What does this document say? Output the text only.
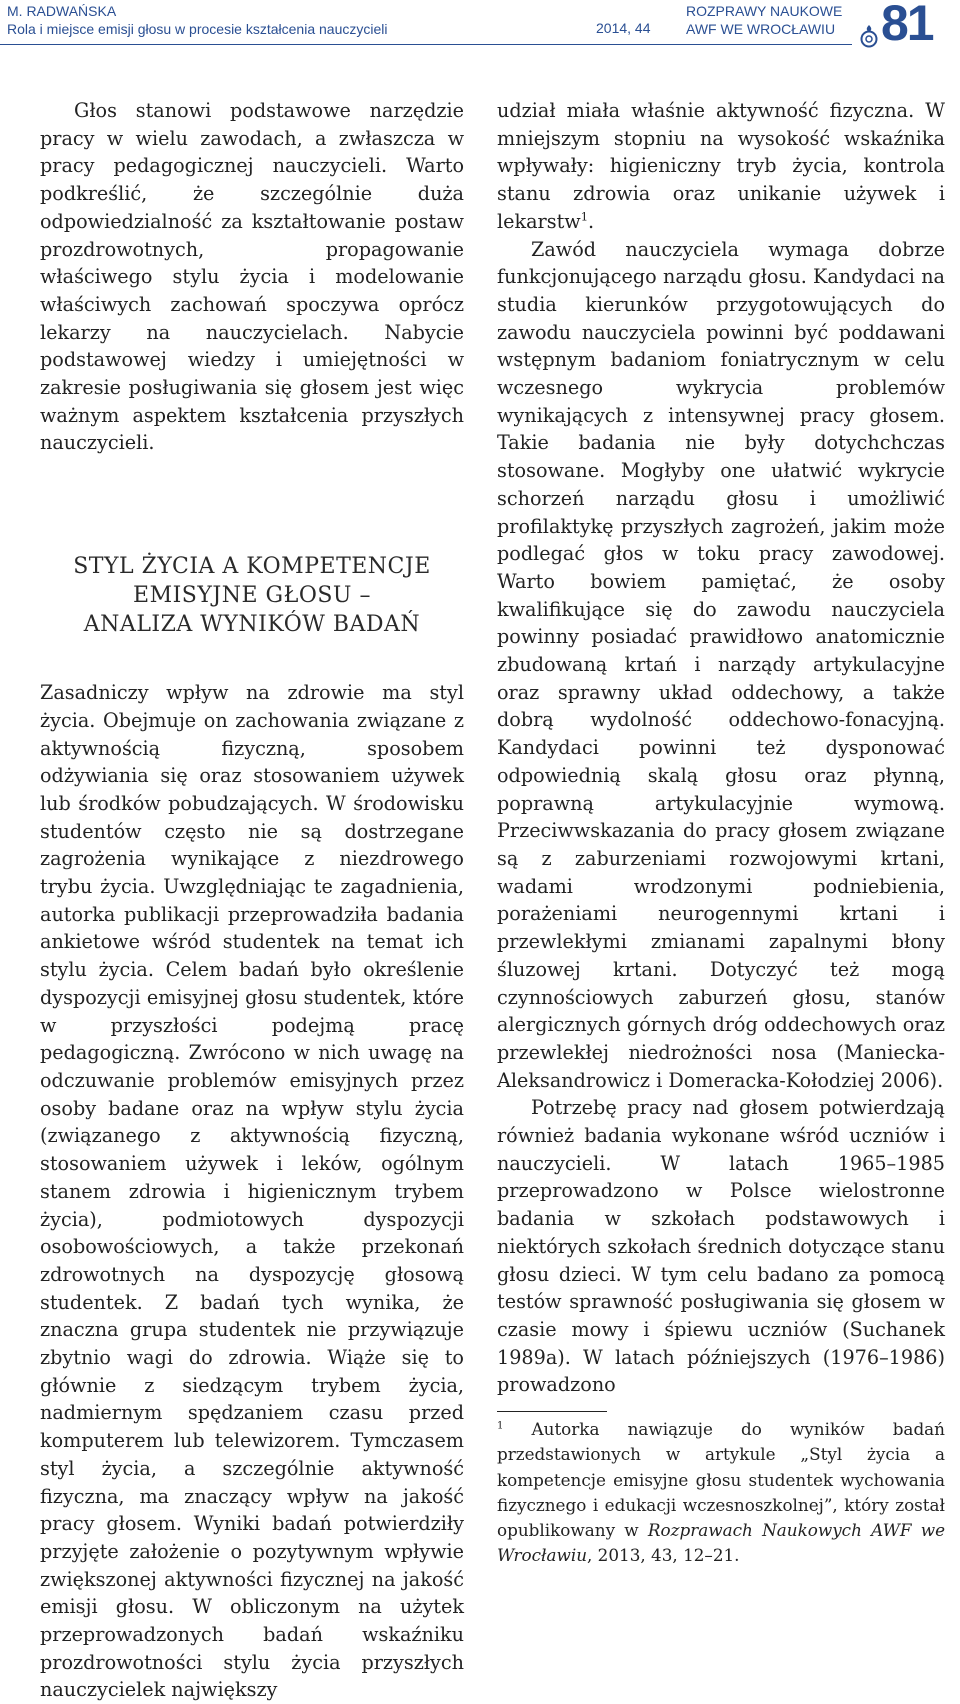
M. RADWAŃSKA
Rola i miejsce emisji głosu w procesie kształcenia nauczycieli	2014, 44
ROZPRAWY NAUKOWE
AWF WE WROCŁAWIU 81

Głos stanowi podstawowe narzędzie pracy w wielu zawodach, a zwłaszcza w pracy pedagogicznej nauczycieli. Warto podkreślić, że szczególnie duża odpowiedzialność za kształtowanie postaw prozdrowotnych, propagowanie właściwego stylu życia i modelowanie właściwych zachowań spoczywa oprócz lekarzy na nauczycielach. Nabycie podstawowej wiedzy i umiejętności w zakresie posługiwania się głosem jest więc ważnym aspektem kształcenia przyszłych nauczycieli.

STYL ŻYCIA A KOMPETENCJE
EMISYJNE GŁOSU –
ANALIZA WYNIKÓW BADAŃ

Zasadniczy wpływ na zdrowie ma styl życia. Obejmuje on zachowania związane z aktywnością fizyczną, sposobem odżywiania się oraz stosowaniem używek lub środków pobudzających. W środowisku studentów często nie są dostrzegane zagrożenia wynikające z niezdrowego trybu życia. Uwzględniając te zagadnienia, autorka publikacji przeprowadziła badania ankietowe wśród studentek na temat ich stylu życia. Celem badań było określenie dyspozycji emisyjnej głosu studentek, które w przyszłości podejmą pracę pedagogiczną. Zwrócono w nich uwagę na odczuwanie problemów emisyjnych przez osoby badane oraz na wpływ stylu życia (związanego z aktywnością fizyczną, stosowaniem używek i leków, ogólnym stanem zdrowia i higienicznym trybem życia), podmiotowych dyspozycji osobowościowych, a także przekonań zdrowotnych na dyspozycję głosową studentek. Z badań tych wynika, że znaczna grupa studentek nie przywiązuje zbytnio wagi do zdrowia. Wiąże się to głównie z siedzącym trybem życia, nadmiernym spędzaniem czasu przed komputerem lub telewizorem. Tymczasem styl życia, a szczególnie aktywność fizyczna, ma znaczący wpływ na jakość pracy głosem. Wyniki badań potwierdziły przyjęte założenie o pozytywnym wpływie zwiększonej aktywności fizycznej na jakość emisji głosu. W obliczonym na użytek przeprowadzonych badań wskaźniku prozdrowotności stylu życia przyszłych nauczycielek największy

udział miała właśnie aktywność fizyczna. W mniejszym stopniu na wysokość wskaźnika wpływały: higieniczny tryb życia, kontrola stanu zdrowia oraz unikanie używek i lekarstw$^1$.

Zawód nauczyciela wymaga dobrze funkcjonującego narządu głosu. Kandydaci na studia kierunków przygotowujących do zawodu nauczyciela powinni być poddawani wstępnym badaniom foniatrycznym w celu wczesnego wykrycia problemów wynikających z intensywnej pracy głosem. Takie badania nie były dotychchczas stosowane. Mogłyby one ułatwić wykrycie schorzeń narządu głosu i umożliwić profilaktykę przyszłych zagrożeń, jakim może podlegać głos w toku pracy zawodowej. Warto bowiem pamiętać, że osoby kwalifikujące się do zawodu nauczyciela powinny posiadać prawidłowo anatomicznie zbudowaną krtań i narządy artykulacyjne oraz sprawny układ oddechowy, a także dobrą wydolność oddechowo-fonacyjną. Kandydaci powinni też dysponować odpowiednią skalą głosu oraz płynną, poprawną artykulacyjnie wymową. Przeciwwskazania do pracy głosem związane są z zaburzeniami rozwojowymi krtani, wadami wrodzonymi podniebienia, porażeniami neurogennymi krtani i przewlekłymi zmianami zapalnymi błony śluzowej krtani. Dotyczyć też mogą czynnościowych zaburzeń głosu, stanów alergicznych górnych dróg oddechowych oraz przewlekłej niedrożności nosa (Maniecka-Aleksandrowicz i Domeracka-Kołodziej 2006).

Potrzebę pracy nad głosem potwierdzają również badania wykonane wśród uczniów i nauczycieli. W latach 1965–1985 przeprowadzono w Polsce wielostronne badania w szkołach podstawowych i niektórych szkołach średnich dotyczące stanu głosu dzieci. W tym celu badano za pomocą testów sprawność posługiwania się głosem w czasie mowy i śpiewu uczniów (Suchanek 1989a). W latach późniejszych (1976–1986) prowadzono

$^1$ Autorka nawiązuje do wyników badań przedstawionych w artykule „Styl życia a kompetencje emisyjne głosu studentek wychowania fizycznego i edukacji wczesnoszkolnej”, który został opublikowany w Rozprawach Naukowych AWF we Wrocławiu, 2013, 43, 12–21.
